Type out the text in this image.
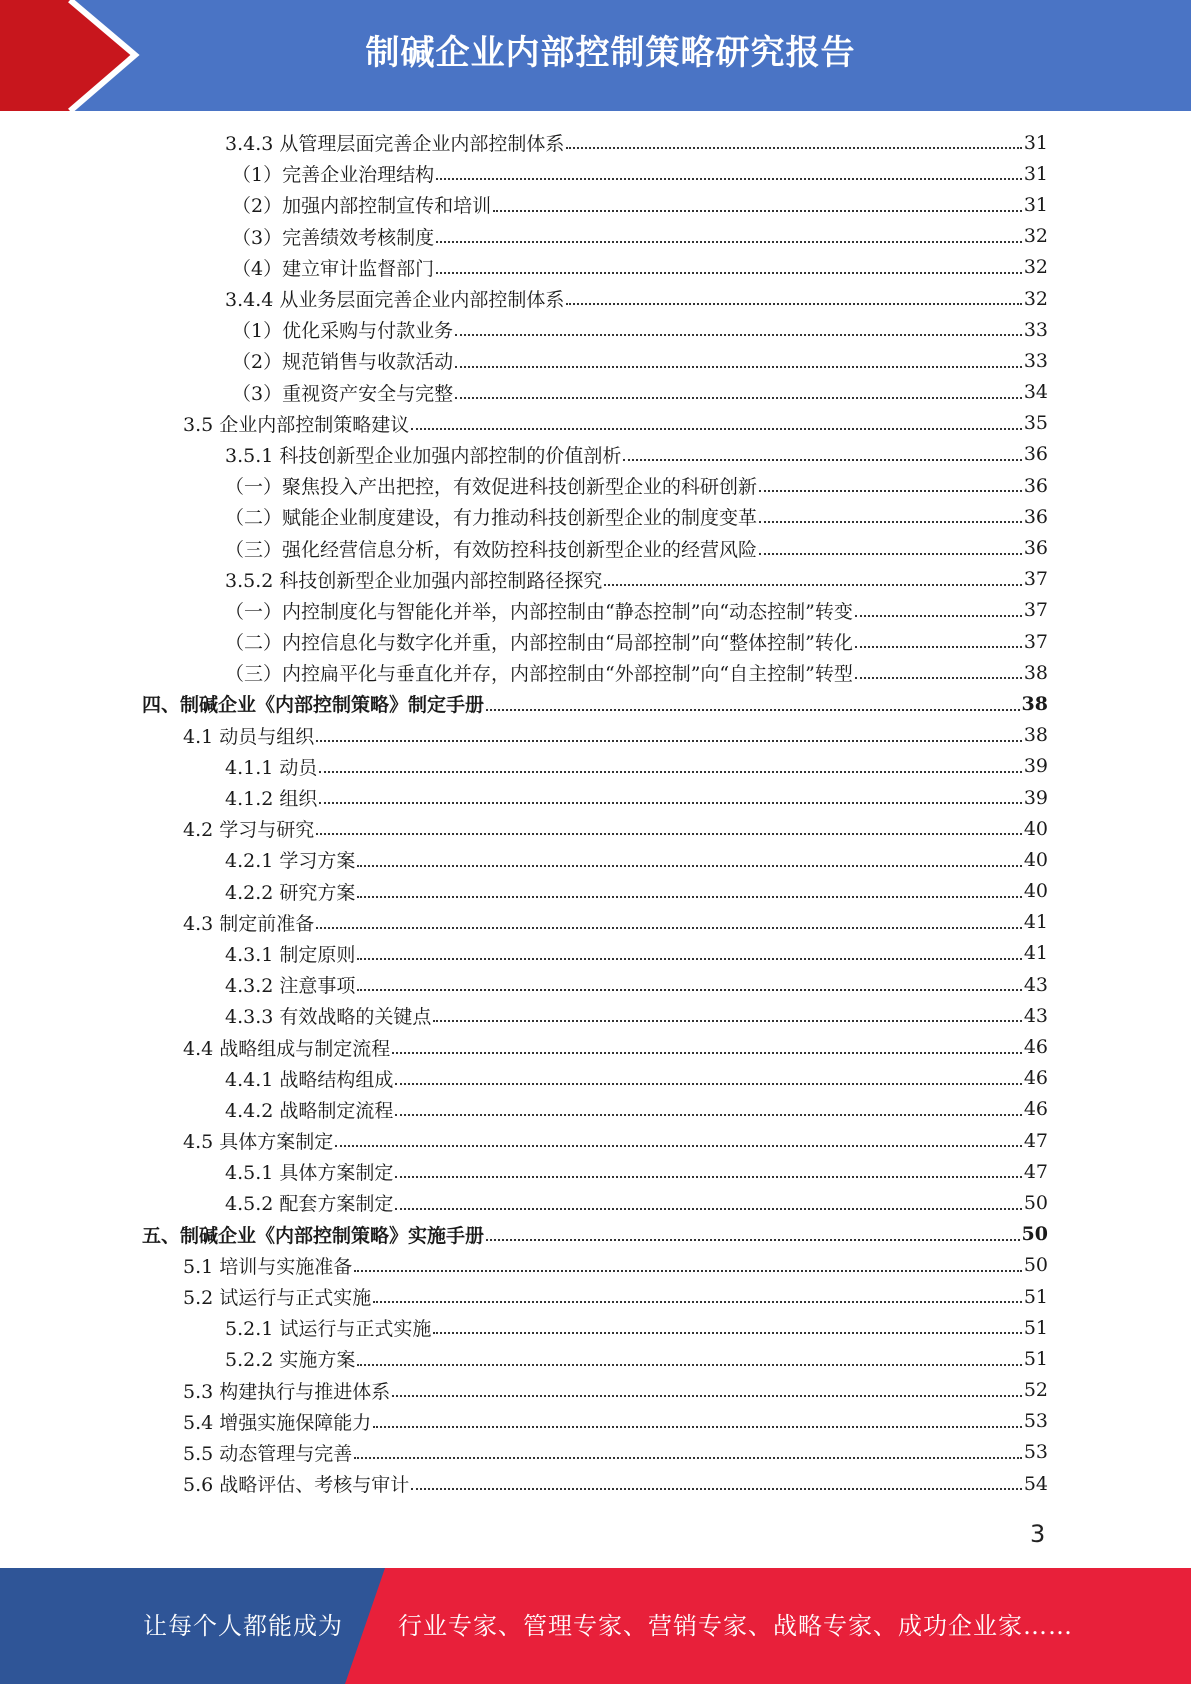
制碱企业内部控制策略研究报告
3.4.3 从管理层面完善企业内部控制体系	31
（1）完善企业治理结构	31
（2）加强内部控制宣传和培训	31
（3）完善绩效考核制度	32
（4）建立审计监督部门	32
3.4.4 从业务层面完善企业内部控制体系	32
（1）优化采购与付款业务	33
（2）规范销售与收款活动	33
（3）重视资产安全与完整	34
3.5 企业内部控制策略建议	35
3.5.1 科技创新型企业加强内部控制的价值剖析	36
（一）聚焦投入产出把控，有效促进科技创新型企业的科研创新	36
（二）赋能企业制度建设，有力推动科技创新型企业的制度变革	36
（三）强化经营信息分析，有效防控科技创新型企业的经营风险	36
3.5.2 科技创新型企业加强内部控制路径探究	37
（一）内控制度化与智能化并举，内部控制由“静态控制”向“动态控制”转变	37
（二）内控信息化与数字化并重，内部控制由“局部控制”向“整体控制”转化	37
（三）内控扁平化与垂直化并存，内部控制由“外部控制”向“自主控制”转型	38
四、制碱企业《内部控制策略》制定手册	38
4.1 动员与组织	38
4.1.1 动员	39
4.1.2 组织	39
4.2 学习与研究	40
4.2.1 学习方案	40
4.2.2 研究方案	40
4.3 制定前准备	41
4.3.1 制定原则	41
4.3.2 注意事项	43
4.3.3 有效战略的关键点	43
4.4 战略组成与制定流程	46
4.4.1 战略结构组成	46
4.4.2 战略制定流程	46
4.5 具体方案制定	47
4.5.1 具体方案制定	47
4.5.2 配套方案制定	50
五、制碱企业《内部控制策略》实施手册	50
5.1 培训与实施准备	50
5.2 试运行与正式实施	51
5.2.1 试运行与正式实施	51
5.2.2 实施方案	51
5.3 构建执行与推进体系	52
5.4 增强实施保障能力	53
5.5 动态管理与完善	53
5.6 战略评估、考核与审计	54
3
让每个人都能成为 行业专家、管理专家、营销专家、战略专家、成功企业家……
